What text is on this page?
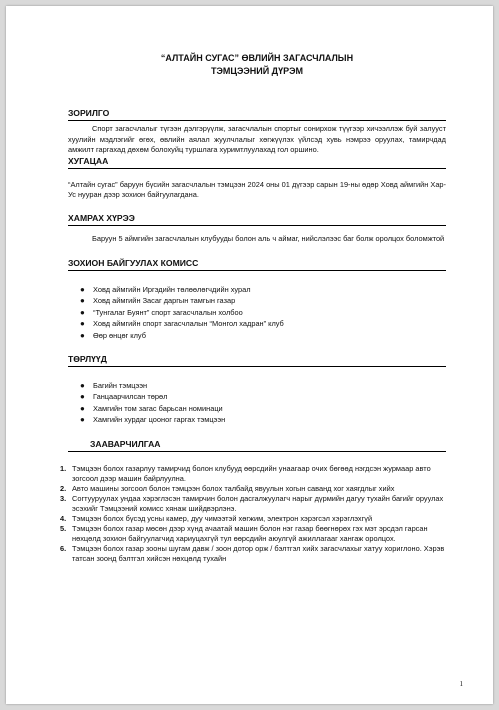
“АЛТАЙН СУГАС” ӨВЛИЙН ЗАГАСЧЛАЛЫН
ТЭМЦЭЭНИЙ ДҮРЭМ
ЗОРИЛГО
Спорт загасчлалыг түгээн дэлгэрүүлж, загасчлалын спортыг сонирхож түүгээр хичээллэж буй залууст хуулийн мэдлэгийг өгөх, өвлийн аялал жуулчлалыг хөгжүүлэх үйлсэд хувь нэмрээ оруулах, тамирчдад амжилт гаргахад дөхөм болохуйц туршлага хуримтлуулахад гол оршино.
ХУГАЦАА
“Алтайн сугас” баруун бүсийн загасчлалын тэмцээн 2024 оны 01 дүгээр сарын 19-ны өдөр Ховд аймгийн Хар-Ус нууран дээр зохион байгуулагдана.
ХАМРАХ ХҮРЭЭ
Баруун 5 аймгийн загасчлалын клубууды болон аль ч аймаг, нийслэлээс баг болж оролцох боломжтой
ЗОХИОН БАЙГУУЛАХ КОМИСС
● Ховд аймгийн Иргэдийн төлөөлөгчдийн хурал
● Ховд аймгийн Засаг даргын тамгын газар
● “Тунгалаг Буянт” спорт загасчлалын холбоо
● Ховд аймгийн спорт загасчлалын “Монгол хадран” клуб
● Өөр өнцөг клуб
ТӨРЛҮҮД
● Багийн тэмцээн
● Ганцаарчилсан төрөл
● Хамгийн том загас барьсан номинаци
● Хамгийн хурдаг цооног гаргах тэмцээн
ЗААВАРЧИЛГАА
1. Тэмцээн болох газарлуу тамирчид болон клубууд өөрсдийн унаагаар очих бөгөөд нэгдсэн журмаар авто зогсоол дээр машин байрлуулна.
2. Авто машины зогсоол болон тэмцээн болох талбайд явуулын хогын саванд хог хаягдлыг хийх
3. Согтууруулах ундаа хэрэглэсэн тамирчин болон дасгалжуулагч нарыг дүрмийн дагуу тухайн багийг оруулах эсэхийг Тэмцээний комисс хянаж шийдвэрлэнэ.
4. Тэмцээн болох бүсэд усны камер, дуу чимээтэй хөгжим, электрон хэрэгсэл хэрэглэхгүй
5. Тэмцээн болох газар мөсөн дээр хүнд ачаатай машин болон нэг газар бөөгнөрөх гэх мэт эрсдэл гарсан нөхцөлд зохион байгуулагчид хариуцахгүй тул өөрсдийн аюулгүй ажиллагааг хангаж оролцох.
6. Тэмцээн болох газар зооны шугам давж / зоон дотор орж / бэлтгэл хийх загасчлахыг хатуу хориглоно. Хэрэв татсан зоонд бэлтгэл хийсэн нөхцөлд тухайн
1
